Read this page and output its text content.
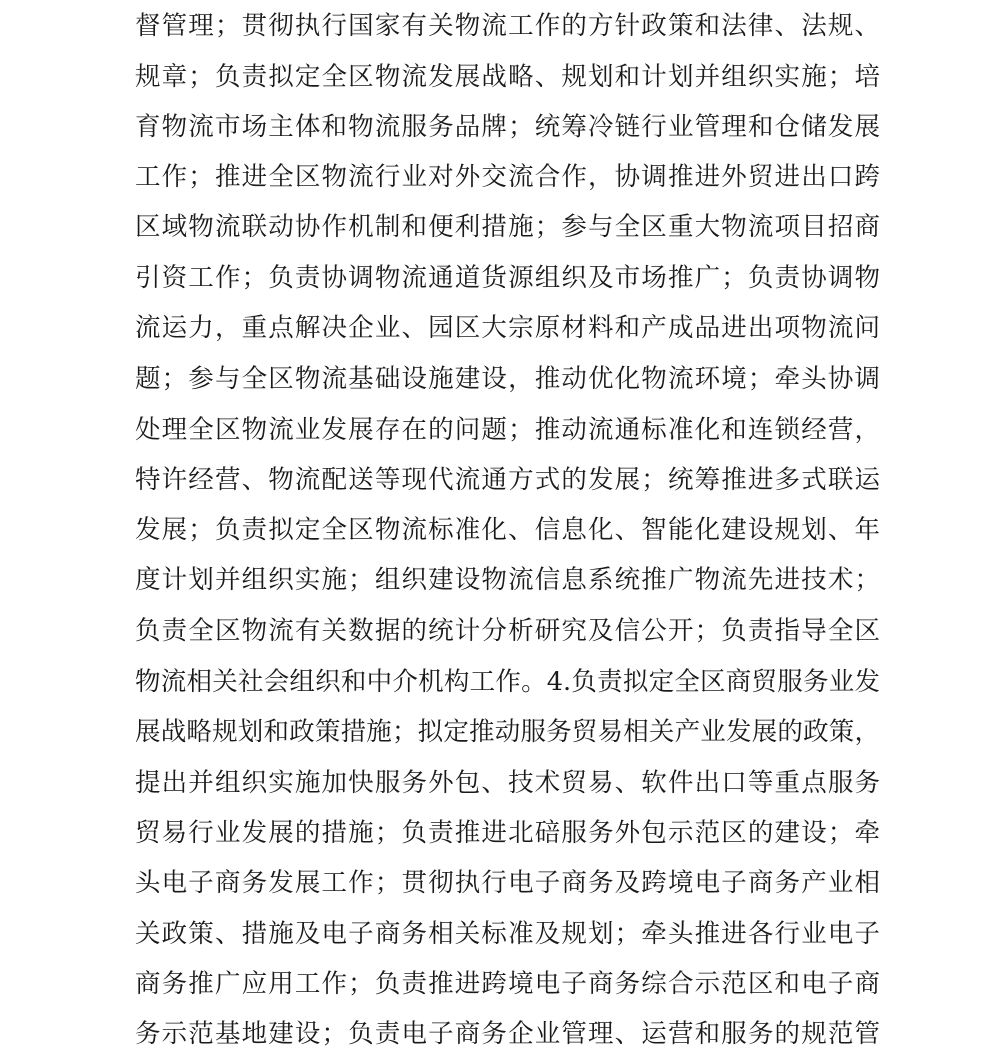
督管理；贯彻执行国家有关物流工作的方针政策和法律、法规、
规章；负责拟定全区物流发展战略、规划和计划并组织实施；培
育物流市场主体和物流服务品牌；统筹冷链行业管理和仓储发展
工作；推进全区物流行业对外交流合作，协调推进外贸进出口跨
区域物流联动协作机制和便利措施；参与全区重大物流项目招商
引资工作；负责协调物流通道货源组织及市场推广；负责协调物
流运力，重点解决企业、园区大宗原材料和产成品进出项物流问
题；参与全区物流基础设施建设，推动优化物流环境；牵头协调
处理全区物流业发展存在的问题；推动流通标准化和连锁经营，
特许经营、物流配送等现代流通方式的发展；统筹推进多式联运
发展；负责拟定全区物流标准化、信息化、智能化建设规划、年
度计划并组织实施；组织建设物流信息系统推广物流先进技术；
负责全区物流有关数据的统计分析研究及信公开；负责指导全区
物流相关社会组织和中介机构工作。4.负责拟定全区商贸服务业发
展战略规划和政策措施；拟定推动服务贸易相关产业发展的政策，
提出并组织实施加快服务外包、技术贸易、软件出口等重点服务
贸易行业发展的措施；负责推进北碚服务外包示范区的建设；牵
头电子商务发展工作；贯彻执行电子商务及跨境电子商务产业相
关政策、措施及电子商务相关标准及规划；牵头推进各行业电子
商务推广应用工作；负责推进跨境电子商务综合示范区和电子商
务示范基地建设；负责电子商务企业管理、运营和服务的规范管
